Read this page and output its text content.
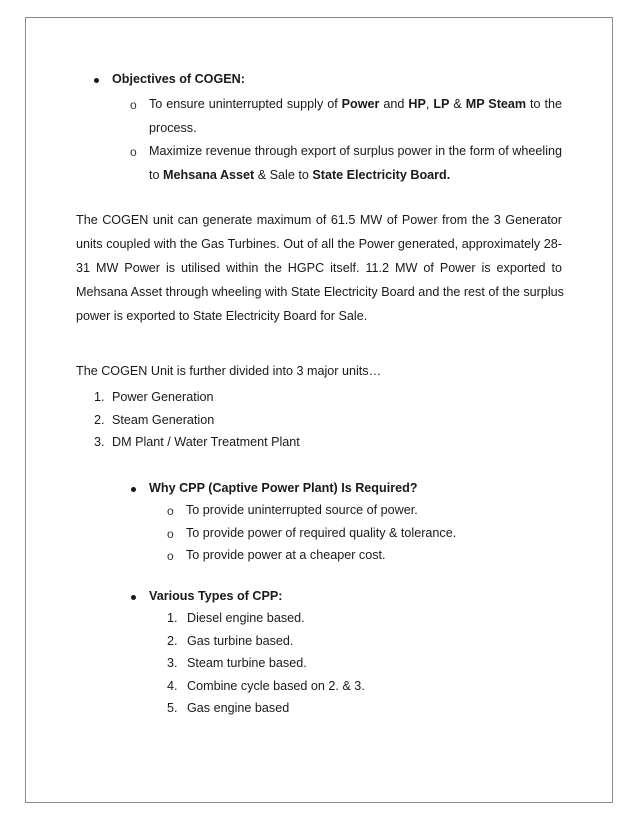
Objectives of COGEN:
o To ensure uninterrupted supply of Power and HP, LP & MP Steam to the
process.
o Maximize revenue through export of surplus power in the form of wheeling
to Mehsana Asset & Sale to State Electricity Board.
The COGEN unit can generate maximum of 61.5 MW of Power from the 3 Generator
units coupled with the Gas Turbines. Out of all the Power generated, approximately 28-
31 MW Power is utilised within the HGPC itself. 11.2 MW of Power is exported to
Mehsana Asset through wheeling with State Electricity Board and the rest of the surplus
power is exported to State Electricity Board for Sale.
The COGEN Unit is further divided into 3 major units…
1. Power Generation
2. Steam Generation
3. DM Plant / Water Treatment Plant
Why CPP (Captive Power Plant) Is Required?
o To provide uninterrupted source of power.
o To provide power of required quality & tolerance.
o To provide power at a cheaper cost.
Various Types of CPP:
1. Diesel engine based.
2. Gas turbine based.
3. Steam turbine based.
4. Combine cycle based on 2. & 3.
5. Gas engine based
